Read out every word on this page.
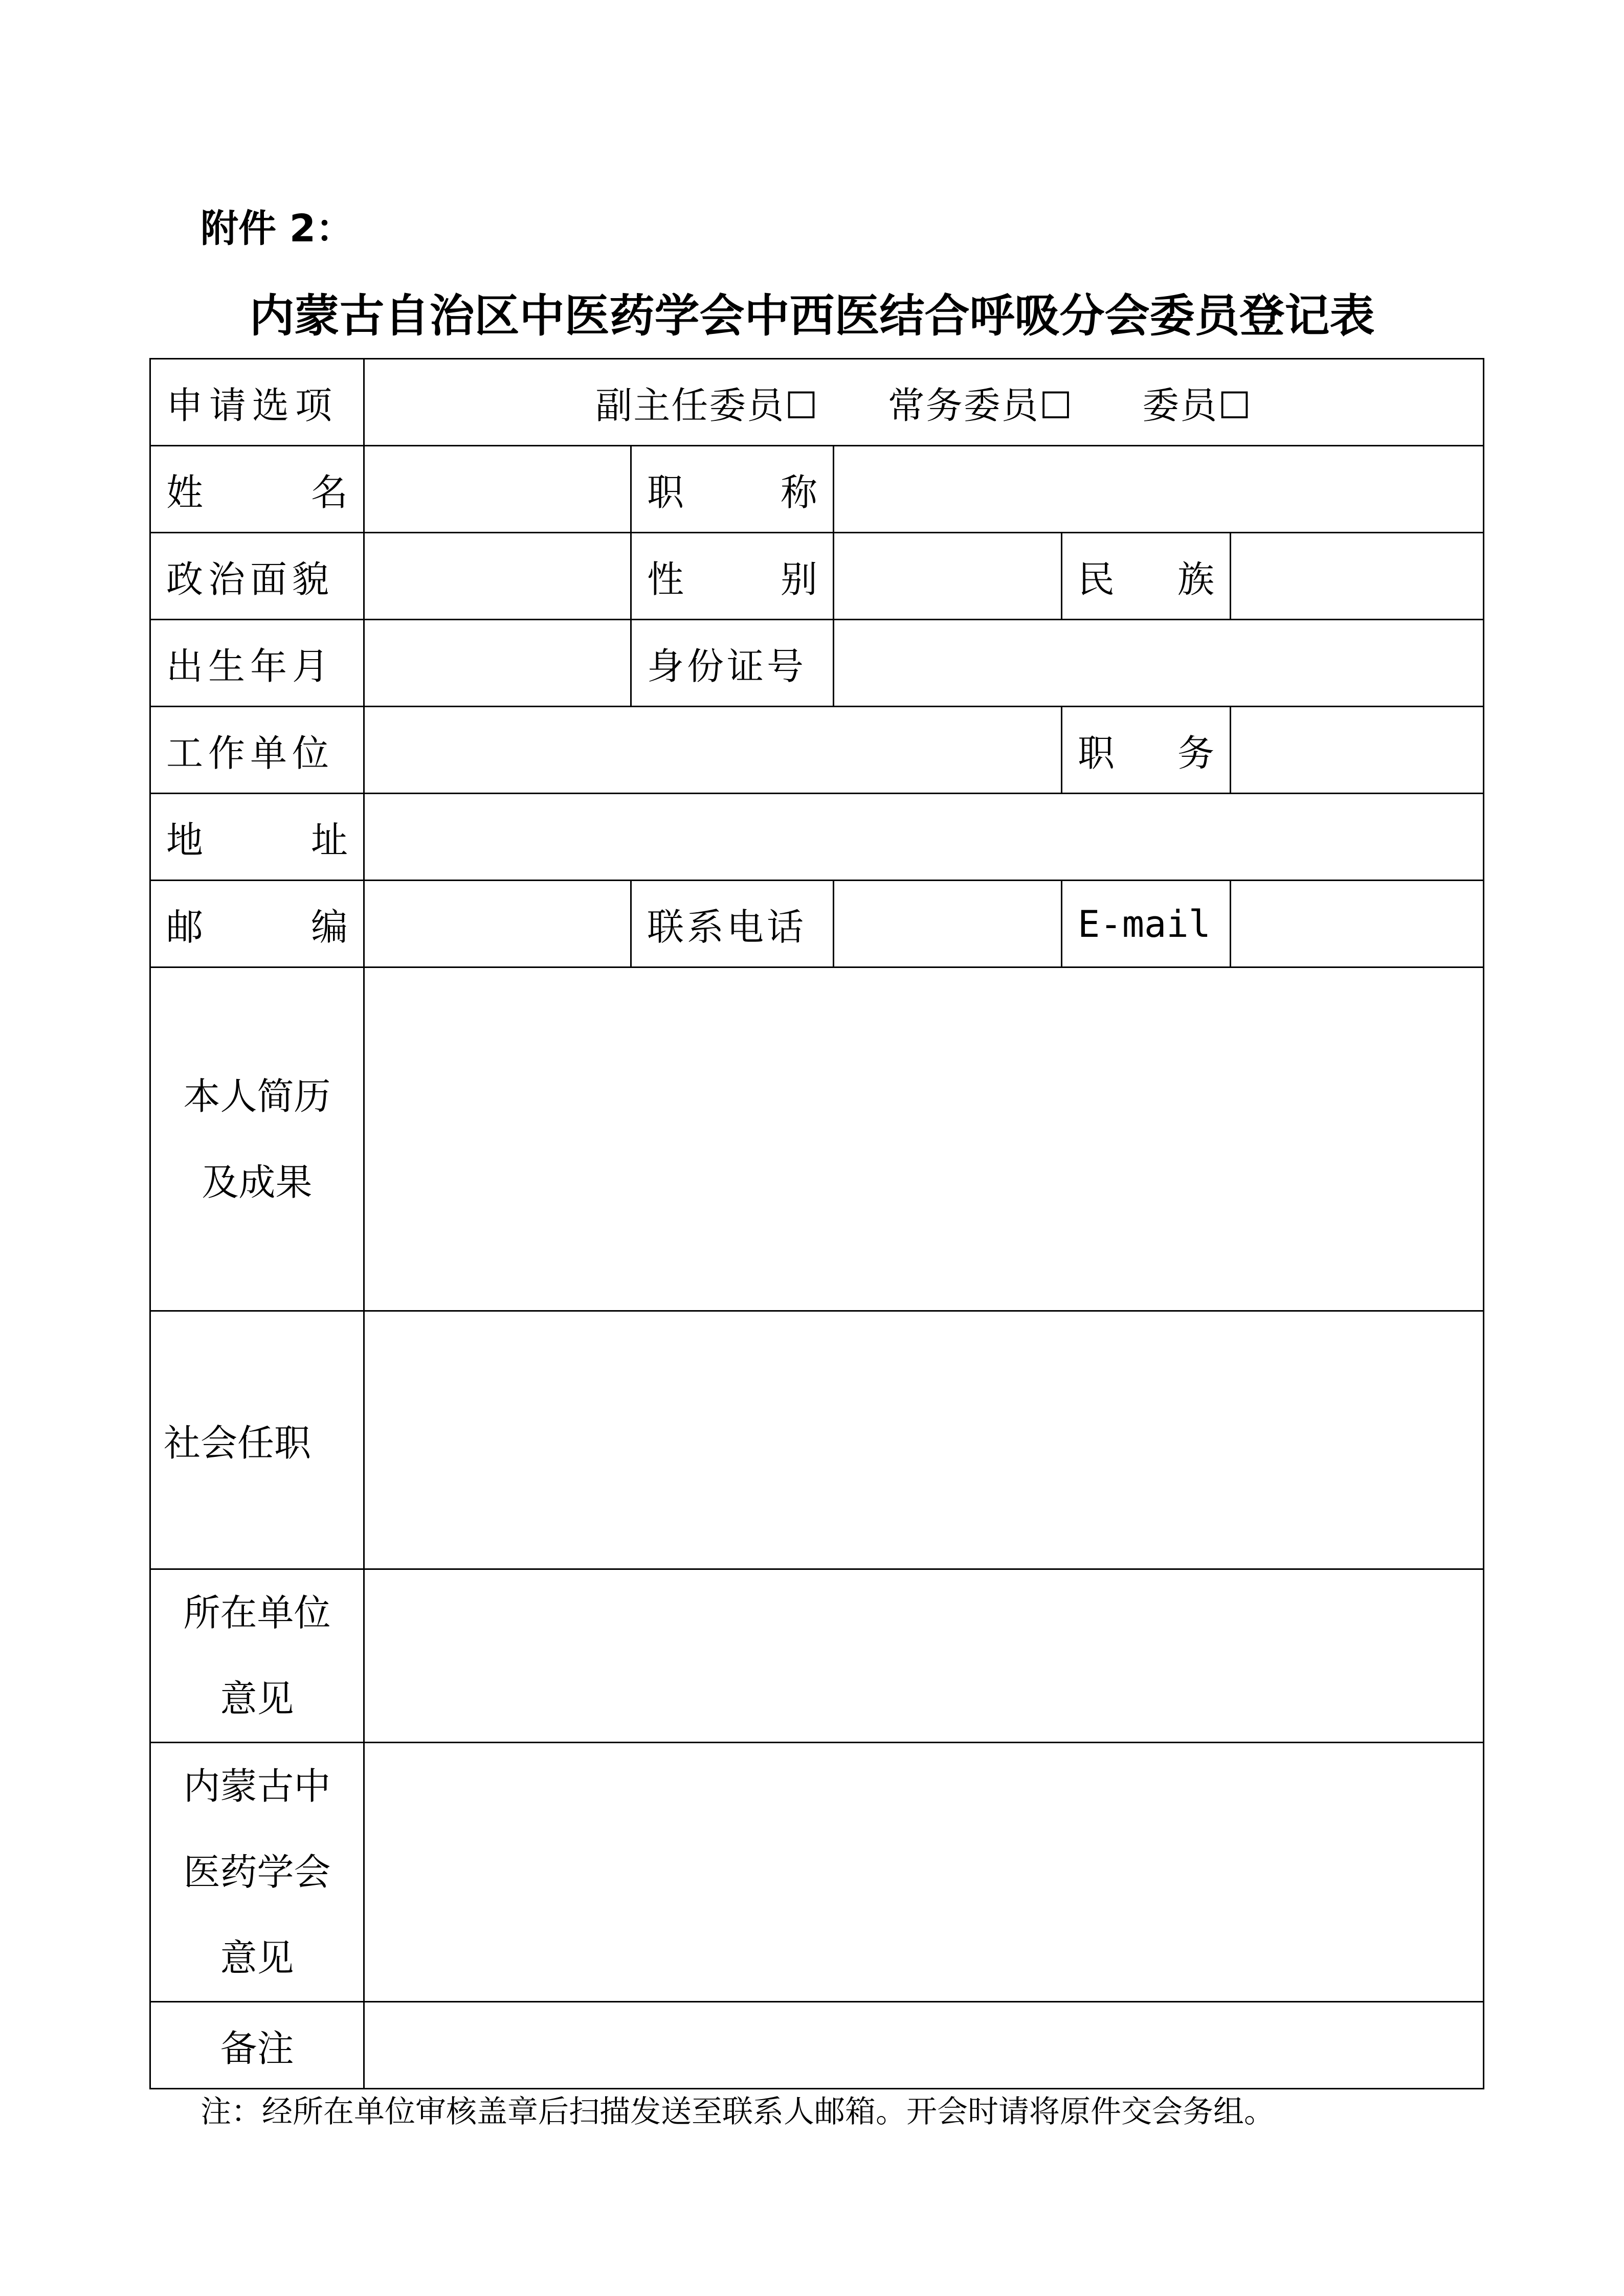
附件 2：
内蒙古自治区中医药学会中西医结合呼吸分会委员登记表
申请选项	副主任委员☐ 常务委员☐ 委员☐				

姓 名		职 称			

政治面貌		性 别		民 族	

出生年月		身份证号			
工作单位				职 务	

地 址					

邮 编		联系电话		E-mail	

本人简历
及成果					

社会任职					

所在单位
意见					

内蒙古中
医药学会
意见					

备注					
注：经所在单位审核盖章后扫描发送至联系人邮箱。开会时请将原件交会务组。
